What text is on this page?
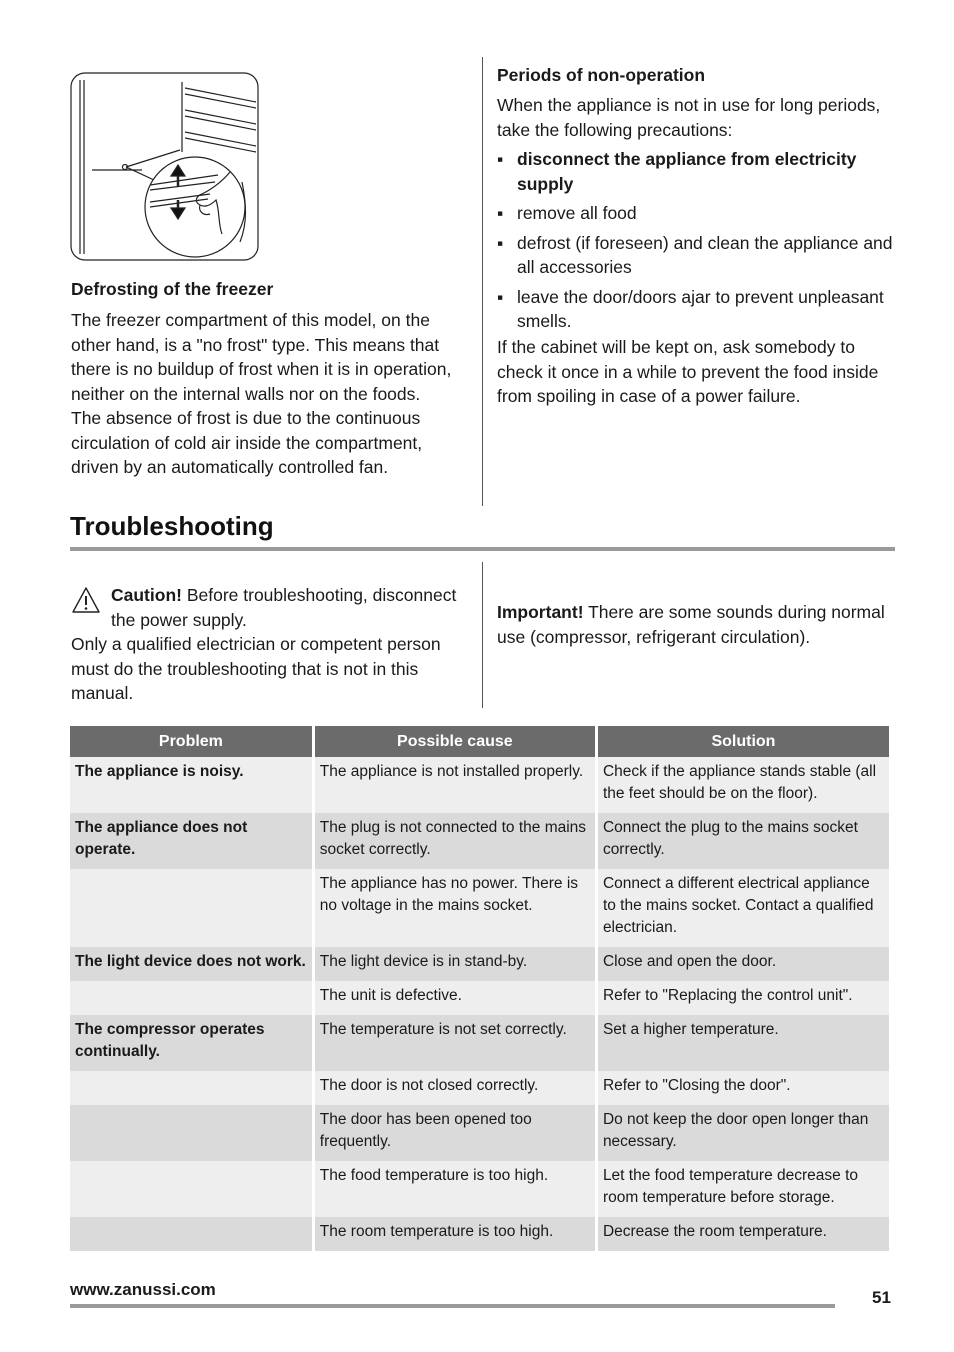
Defrosting of the freezer

The freezer compartment of this model, on the other hand, is a "no frost" type. This means that there is no buildup of frost when it is in operation, neither on the internal walls nor on the foods.

The absence of frost is due to the continuous circulation of cold air inside the compartment, driven by an automatically controlled fan.

Periods of non-operation
When the appliance is not in use for long periods, take the following precautions:
▪ disconnect the appliance from electricity supply
▪ remove all food
▪ defrost (if foreseen) and clean the appliance and all accessories
▪ leave the door/doors ajar to prevent unpleasant smells.
If the cabinet will be kept on, ask somebody to check it once in a while to prevent the food inside from spoiling in case of a power failure.
Troubleshooting
Caution! Before troubleshooting, disconnect the power supply.
Only a qualified electrician or competent person must do the troubleshooting that is not in this manual.
Important! There are some sounds during normal use (compressor, refrigerant circulation).
Problem	Possible cause	Solution
The appliance is noisy.	The appliance is not installed properly.	Check if the appliance stands stable (all the feet should be on the floor).
The appliance does not operate.	The plug is not connected to the mains socket correctly.	Connect the plug to the mains socket correctly.
	The appliance has no power. There is no voltage in the mains socket.	Connect a different electrical appliance to the mains socket. Contact a qualified electrician.
The light device does not work.	The light device is in stand-by.	Close and open the door.
	The unit is defective.	Refer to "Replacing the control unit".
The compressor operates continually.	The temperature is not set correctly.	Set a higher temperature.
	The door is not closed correctly.	Refer to "Closing the door".
	The door has been opened too frequently.	Do not keep the door open longer than necessary.
	The food temperature is too high.	Let the food temperature decrease to room temperature before storage.
	The room temperature is too high.	Decrease the room temperature.
www.zanussi.com	51
